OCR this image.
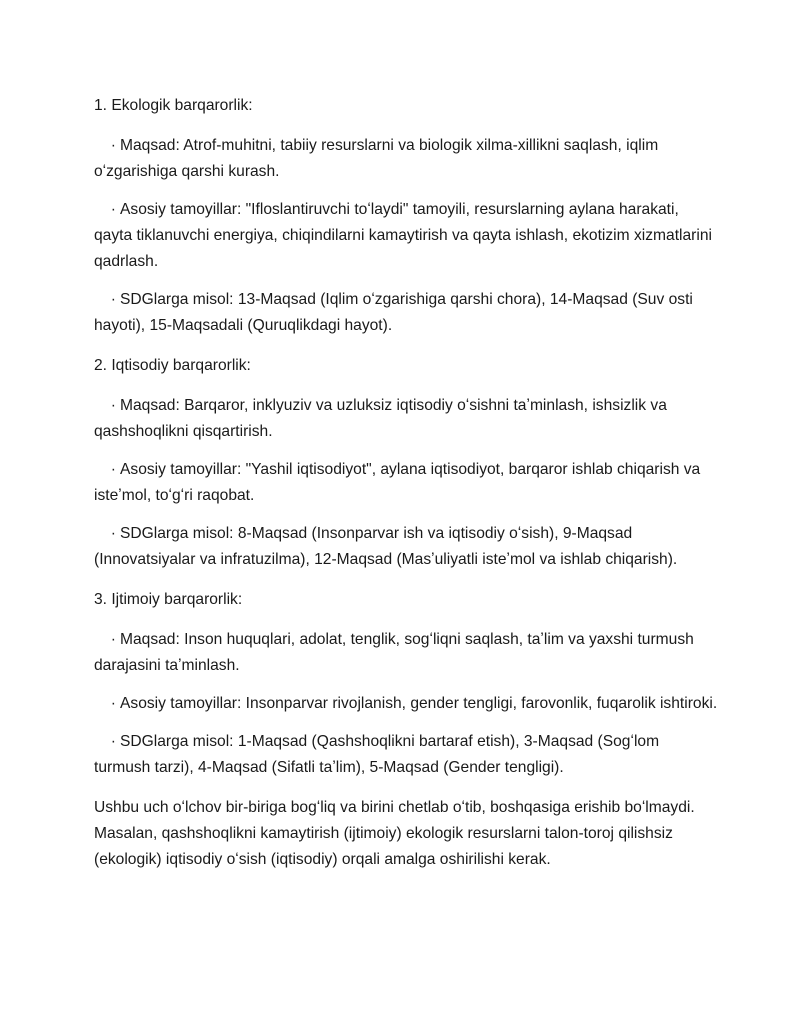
1. Ekologik barqarorlik:

· Maqsad: Atrof-muhitni, tabiiy resurslarni va biologik xilma-xillikni saqlash, iqlim oʻzgarishiga qarshi kurash.

· Asosiy tamoyillar: "Ifloslantiruvchi toʻlaydi" tamoyili, resurslarning aylana harakati, qayta tiklanuvchi energiya, chiqindilarni kamaytirish va qayta ishlash, ekotizim xizmatlarini qadrlash.

· SDGlarga misol: 13-Maqsad (Iqlim oʻzgarishiga qarshi chora), 14-Maqsad (Suv osti hayoti), 15-Maqsadali (Quruqlikdagi hayot).

2. Iqtisodiy barqarorlik:

· Maqsad: Barqaror, inklyuziv va uzluksiz iqtisodiy oʻsishni taʼminlash, ishsizlik va qashshoqlikni qisqartirish.

· Asosiy tamoyillar: "Yashil iqtisodiyot", aylana iqtisodiyot, barqaror ishlab chiqarish va isteʼmol, toʻgʻri raqobat.

· SDGlarga misol: 8-Maqsad (Insonparvar ish va iqtisodiy oʻsish), 9-Maqsad (Innovatsiyalar va infratuzilma), 12-Maqsad (Masʼuliyatli isteʼmol va ishlab chiqarish).

3. Ijtimoiy barqarorlik:

· Maqsad: Inson huquqlari, adolat, tenglik, sogʻliqni saqlash, taʼlim va yaxshi turmush darajasini taʼminlash.

· Asosiy tamoyillar: Insonparvar rivojlanish, gender tengligi, farovonlik, fuqarolik ishtiroki.

· SDGlarga misol: 1-Maqsad (Qashshoqlikni bartaraf etish), 3-Maqsad (Sogʻlom turmush tarzi), 4-Maqsad (Sifatli taʼlim), 5-Maqsad (Gender tengligi).

Ushbu uch oʻlchov bir-biriga bogʻliq va birini chetlab oʻtib, boshqasiga erishib boʻlmaydi. Masalan, qashshoqlikni kamaytirish (ijtimoiy) ekologik resurslarni talon-toroj qilishsiz (ekologik) iqtisodiy oʻsish (iqtisodiy) orqali amalga oshirilishi kerak.
